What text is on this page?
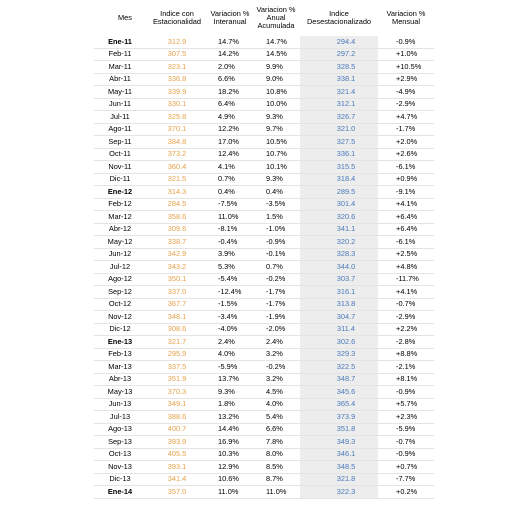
Mes	Indice con Estacionalidad	Variacion % Interanual	Variacion % Anual Acumulada	Indice Desestacionalizado	Variacion % Mensual
Ene-11	312.9	14.7%	14.7%	294.4	-0.9%
Feb-11	307.5	14.2%	14.5%	297.2	+1.0%
Mar-11	323.1	2.0%	9.9%	328.5	+10.5%
Abr-11	336.8	6.6%	9.0%	338.1	+2.9%
May-11	339.9	18.2%	10.8%	321.4	-4.9%
Jun-11	330.1	6.4%	10.0%	312.1	-2.9%
Jul-11	325.8	4.9%	9.3%	326.7	+4.7%
Ago-11	370.1	12.2%	9.7%	321.0	-1.7%
Sep-11	384.8	17.0%	10.5%	327.5	+2.0%
Oct-11	373.2	12.4%	10.7%	336.1	+2.6%
Nov-11	360.4	4.1%	10.1%	315.5	-6.1%
Dic-11	321.5	0.7%	9.3%	318.4	+0.9%
Ene-12	314.3	0.4%	0.4%	289.5	-9.1%
Feb-12	284.5	-7.5%	-3.5%	301.4	+4.1%
Mar-12	358.6	11.0%	1.5%	320.6	+6.4%
Abr-12	309.6	-8.1%	-1.0%	341.1	+6.4%
May-12	338.7	-0.4%	-0.9%	320.2	-6.1%
Jun-12	342.9	3.9%	-0.1%	328.3	+2.5%
Jul-12	343.2	5.3%	0.7%	344.0	+4.8%
Ago-12	350.1	-5.4%	-0.2%	303.7	-11.7%
Sep-12	337.0	-12.4%	-1.7%	316.1	+4.1%
Oct-12	367.7	-1.5%	-1.7%	313.8	-0.7%
Nov-12	348.1	-3.4%	-1.9%	304.7	-2.9%
Dic-12	308.6	-4.0%	-2.0%	311.4	+2.2%
Ene-13	321.7	2.4%	2.4%	302.6	-2.8%
Feb-13	295.9	4.0%	3.2%	329.3	+8.8%
Mar-13	337.5	-5.9%	-0.2%	322.5	-2.1%
Abr-13	351.9	13.7%	3.2%	348.7	+8.1%
May-13	370.3	9.3%	4.5%	345.6	-0.9%
Jun-13	349.1	1.8%	4.0%	365.4	+5.7%
Jul-13	388.6	13.2%	5.4%	373.9	+2.3%
Ago-13	400.7	14.4%	6.6%	351.8	-5.9%
Sep-13	393.9	16.9%	7.8%	349.3	-0.7%
Oct-13	405.5	10.3%	8.0%	346.1	-0.9%
Nov-13	393.1	12.9%	8.5%	348.5	+0.7%
Dic-13	341.4	10.6%	8.7%	321.8	-7.7%
Ene-14	357.0	11.0%	11.0%	322.3	+0.2%
